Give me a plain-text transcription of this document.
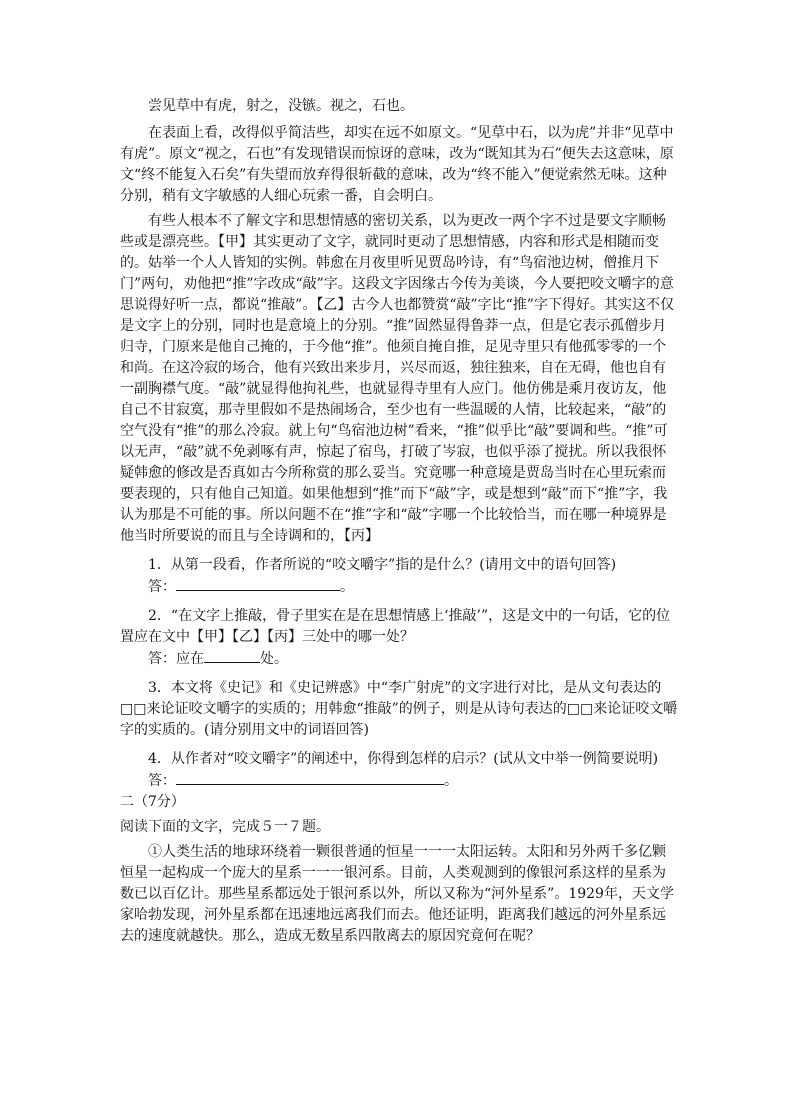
尝见草中有虎，射之，没镞。视之，石也。

在表面上看，改得似乎简洁些，却实在远不如原文。“见草中石，以为虎”并非“见草中有虎”。原文“视之，石也”有发现错误而惊讶的意味，改为“既知其为石”便失去这意味，原文“终不能复入石矣”有失望而放弃得很斩截的意味，改为“终不能入”便觉索然无味。这种分别，稍有文字敏感的人细心玩索一番，自会明白。

有些人根本不了解文字和思想情感的密切关系，以为更改一两个字不过是要文字顺畅些或是漂亮些。【甲】其实更动了文字，就同时更动了思想情感，内容和形式是相随而变的。姑举一个人人皆知的实例。韩愈在月夜里听见贾岛吟诗，有“鸟宿池边树，僧推月下门”两句，劝他把“推”字改成“敲”字。这段文字因缘古今传为美谈，今人要把咬文嚼字的意思说得好听一点，都说“推敲”。【乙】古今人也都赞赏“敲”字比“推”字下得好。其实这不仅是文字上的分别，同时也是意境上的分别。“推”固然显得鲁莽一点，但是它表示孤僧步月归寺，门原来是他自己掩的，于今他“推”。他须自掩自推，足见寺里只有他孤零零的一个和尚。在这冷寂的场合，他有兴致出来步月，兴尽而返，独往独来，自在无碍，他也自有一副胸襟气度。“敲”就显得他拘礼些，也就显得寺里有人应门。他仿佛是乘月夜访友，他自己不甘寂寞，那寺里假如不是热闹场合，至少也有一些温暖的人情，比较起来，“敲”的空气没有“推”的那么冷寂。就上句“鸟宿池边树”看来，“推”似乎比“敲”要调和些。“推”可以无声，“敲”就不免剥啄有声，惊起了宿鸟，打破了岑寂，也似乎添了搅扰。所以我很怀疑韩愈的修改是否真如古今所称赏的那么妥当。究竟哪一种意境是贾岛当时在心里玩索而要表现的，只有他自己知道。如果他想到“推”而下“敲”字，或是想到“敲”而下“推”字，我认为那是不可能的事。所以问题不在“推”字和“敲”字哪一个比较恰当，而在哪一种境界是他当时所要说的而且与全诗调和的，【丙】

1．从第一段看，作者所说的“咬文嚼字”指的是什么？(请用文中的语句回答)

答：	。

2．“在文字上推敲，骨子里实在是在思想情感上‘推敲’”，这是文中的一句话，它的位置应在文中【甲】【乙】【丙】三处中的哪一处？

答：应在	处。

3．本文将《史记》和《史记辨惑》中“李广射虎”的文字进行对比，是从文句表达的□□来论证咬文嚼字的实质的；用韩愈“推敲”的例子，则是从诗句表达的□□来论证咬文嚼字的实质的。(请分别用文中的词语回答)

4．从作者对“咬文嚼字”的阐述中，你得到怎样的启示？(试从文中举一例简要说明)

答：	。

二（7分）

阅读下面的文字，完成５一７题。

①人类生活的地球环绕着一颗很普通的恒星一一一太阳运转。太阳和另外两千多亿颗恒星一起构成一个庞大的星系一一一银河系。目前，人类观测到的像银河系这样的星系为数已以百亿计。那些星系都远处于银河系以外，所以又称为“河外星系”。1929年，天文学家哈勃发现，河外星系都在迅速地远离我们而去。他还证明，距离我们越远的河外星系远去的速度就越快。那么，造成无数星系四散离去的原因究竟何在呢？
